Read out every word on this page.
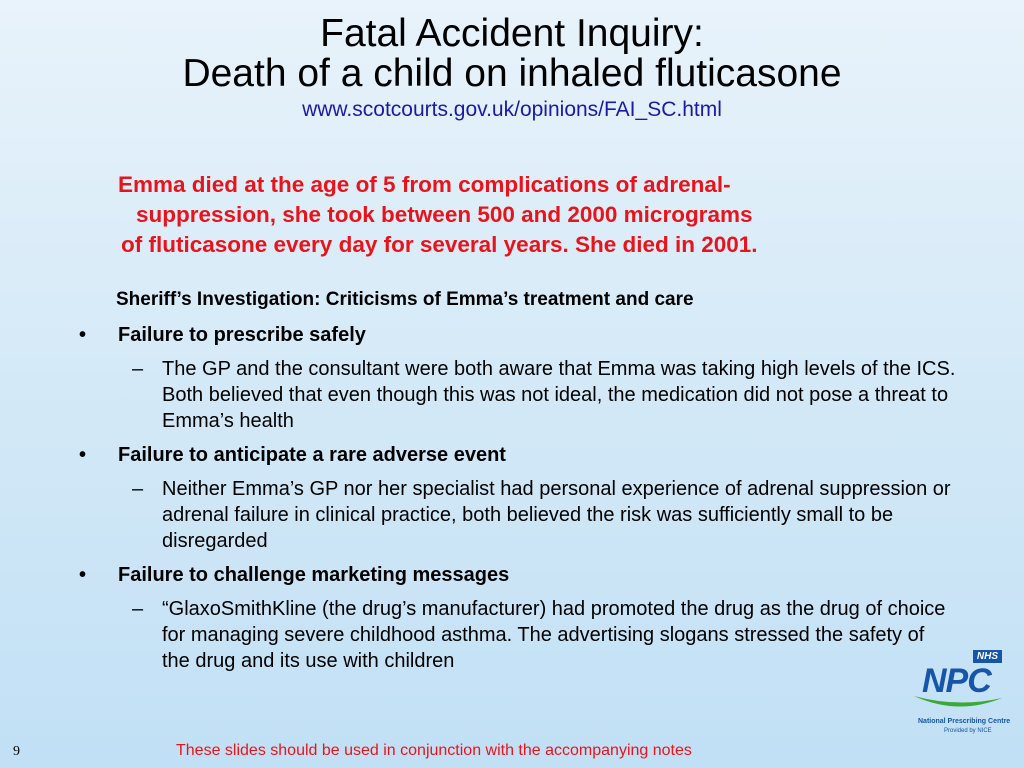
Fatal Accident Inquiry:
Death of a child on inhaled fluticasone
www.scotcourts.gov.uk/opinions/FAI_SC.html
Emma died at the age of 5 from complications of adrenal-
suppression, she took between 500 and 2000 micrograms
of fluticasone every day for several years. She died in 2001.
Sheriff’s Investigation: Criticisms of Emma’s treatment and care
• Failure to prescribe safely
– The GP and the consultant were both aware that Emma was taking high levels of the ICS. Both believed that even though this was not ideal, the medication did not pose a threat to Emma’s health
• Failure to anticipate a rare adverse event
– Neither Emma’s GP nor her specialist had personal experience of adrenal suppression or adrenal failure in clinical practice, both believed the risk was sufficiently small to be disregarded
• Failure to challenge marketing messages
– “GlaxoSmithKline (the drug’s manufacturer) had promoted the drug as the drug of choice for managing severe childhood asthma. The advertising slogans stressed the safety of the drug and its use with children
9	These slides should be used in conjunction with the accompanying notes
NHS
NPC
National Prescribing Centre
Provided by NICE
